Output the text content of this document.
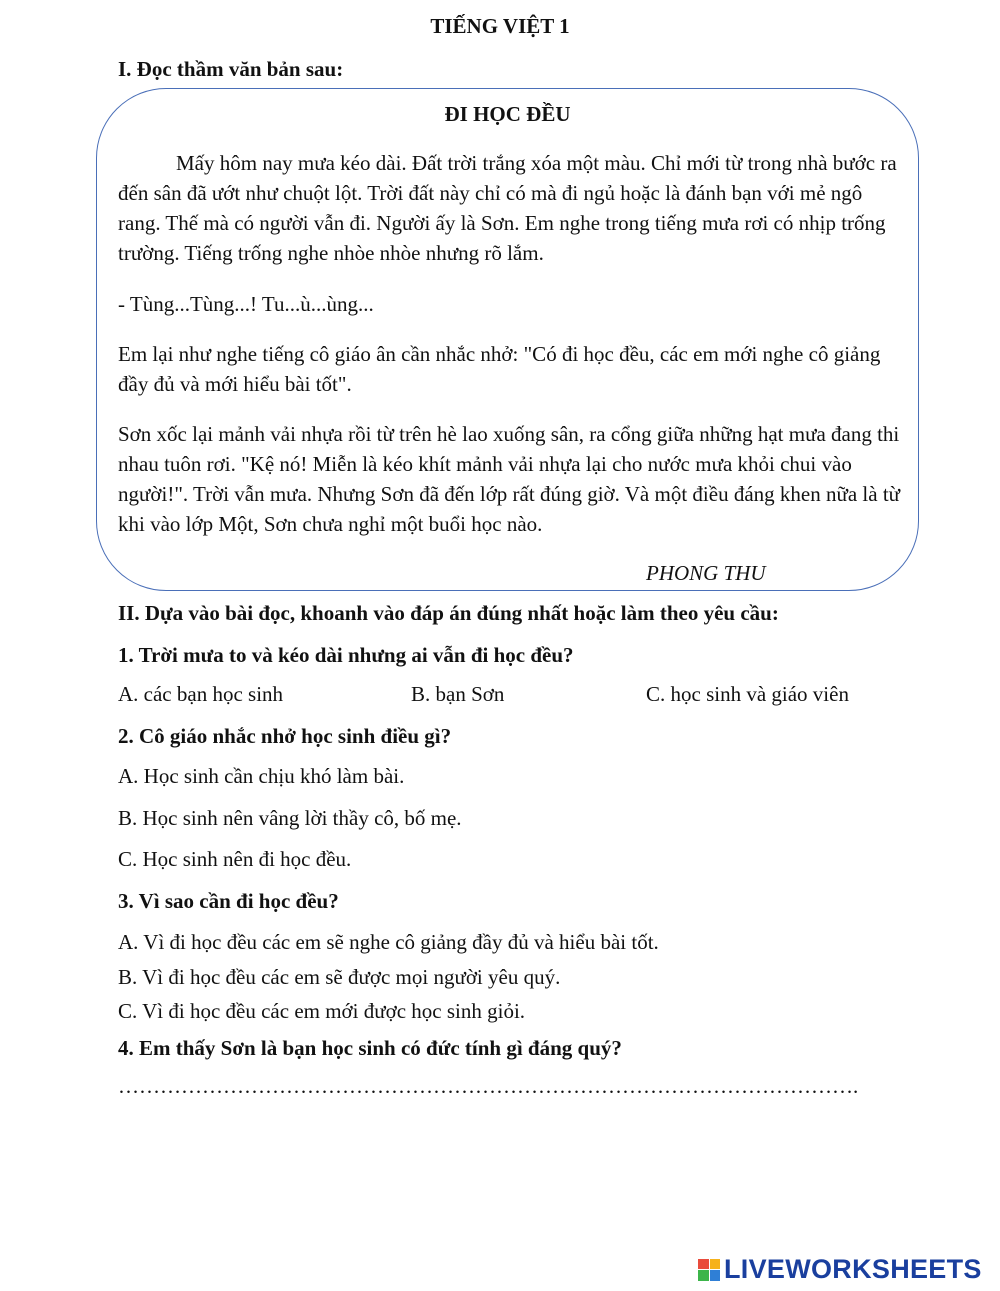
TIẾNG VIỆT 1
I. Đọc thầm văn bản sau:
ĐI HỌC ĐỀU

Mấy hôm nay mưa kéo dài. Đất trời trắng xóa một màu. Chỉ mới từ trong nhà bước ra đến sân đã ướt như chuột lột. Trời đất này chỉ có mà đi ngủ hoặc là đánh bạn với mẻ ngô rang. Thế mà có người vẫn đi. Người ấy là Sơn. Em nghe trong tiếng mưa rơi có nhịp trống trường. Tiếng trống nghe nhòe nhòe nhưng rõ lắm.

- Tùng...Tùng...! Tu...ù...ùng...

Em lại như nghe tiếng cô giáo ân cần nhắc nhở: "Có đi học đều, các em mới nghe cô giảng đầy đủ và mới hiểu bài tốt".

Sơn xốc lại mảnh vải nhựa rồi từ trên hè lao xuống sân, ra cổng giữa những hạt mưa đang thi nhau tuôn rơi. "Kệ nó! Miễn là kéo khít mảnh vải nhựa lại cho nước mưa khỏi chui vào người!". Trời vẫn mưa. Nhưng Sơn đã đến lớp rất đúng giờ. Và một điều đáng khen nữa là từ khi vào lớp Một, Sơn chưa nghỉ một buổi học nào.

PHONG THU
II. Dựa vào bài đọc, khoanh vào đáp án đúng nhất hoặc làm theo yêu cầu:
1. Trời mưa to và kéo dài nhưng ai vẫn đi học đều?
A. các bạn học sinh	B. bạn Sơn	C. học sinh và giáo viên
2. Cô giáo nhắc nhở học sinh điều gì?
A. Học sinh cần chịu khó làm bài.
B. Học sinh nên vâng lời thầy cô, bố mẹ.
C. Học sinh nên đi học đều.
3. Vì sao cần đi học đều?
A. Vì đi học đều các em sẽ nghe cô giảng đầy đủ và hiểu bài tốt.
B. Vì đi học đều các em sẽ được mọi người yêu quý.
C. Vì đi học đều các em mới được học sinh giỏi.
4. Em thấy Sơn là bạn học sinh có đức tính gì đáng quý?
…………………………………………………………………………………………….
LIVEWORKSHEETS
